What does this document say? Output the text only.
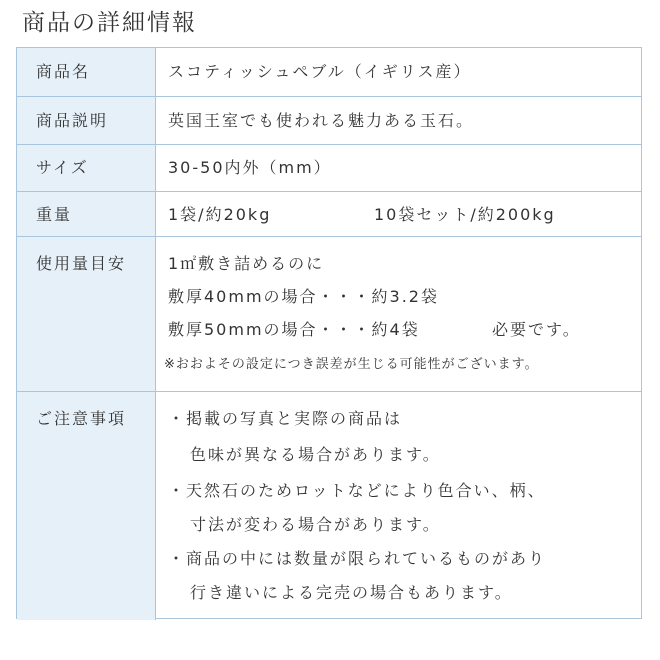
商品の詳細情報
商品名	スコティッシュペブル（イギリス産）
商品説明	英国王室でも使われる魅力ある玉石。
サイズ	30-50内外（mm）
重量	1袋/約20kg	10袋セット/約200kg
使用量目安	1㎡敷き詰めるのに
敷厚40mmの場合・・・約3.2袋
敷厚50mmの場合・・・約4袋	必要です。
※おおよその設定につき誤差が生じる可能性がございます。
ご注意事項	・掲載の写真と実際の商品は
色味が異なる場合があります。
・天然石のためロットなどにより色合い、柄、
寸法が変わる場合があります。
・商品の中には数量が限られているものがあり
行き違いによる完売の場合もあります。
